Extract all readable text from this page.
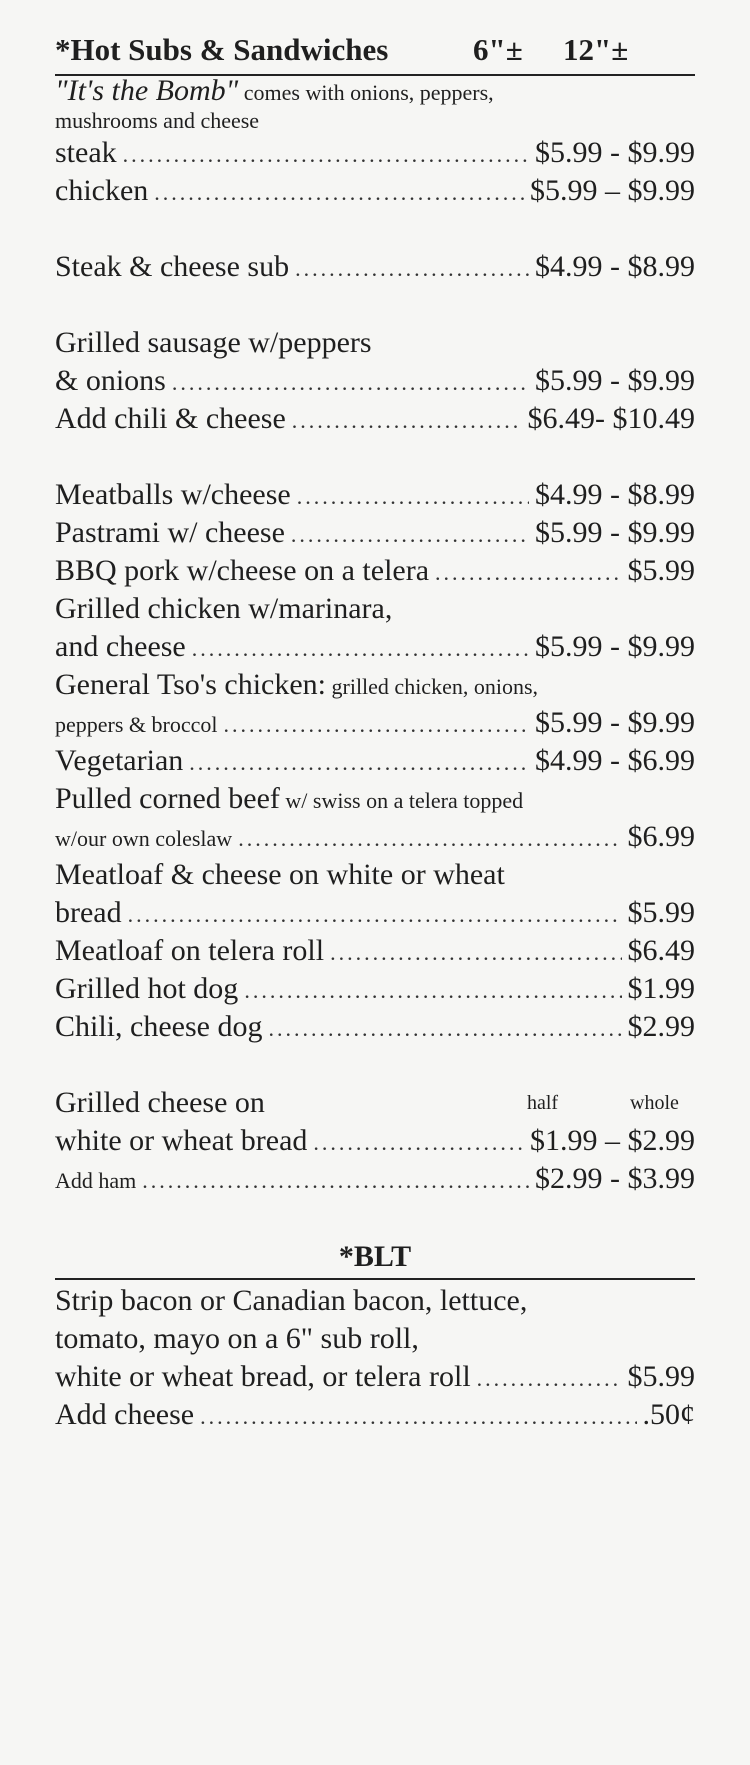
*Hot Subs & Sandwiches	6"± 12"±
"It's the Bomb" comes with onions, peppers,
mushrooms and cheese
steak .....	$5.99 - $9.99
chicken .....	$5.99 – $9.99
Steak & cheese sub .....	$4.99 - $8.99
Grilled sausage w/peppers
& onions .....	$5.99 - $9.99
Add chili & cheese .....	$6.49- $10.49
Meatballs w/cheese .....	$4.99 - $8.99
Pastrami w/ cheese .....	$5.99 - $9.99
BBQ pork w/cheese on a telera .....	$5.99
Grilled chicken w/marinara,
and cheese .....	$5.99 - $9.99
General Tso's chicken: grilled chicken, onions,
peppers & broccol .....	$5.99 - $9.99
Vegetarian .....	$4.99 - $6.99
Pulled corned beef w/ swiss on a telera topped
w/our own coleslaw .....	$6.99
Meatloaf & cheese on white or wheat
bread .....	$5.99
Meatloaf on telera roll .....	$6.49
Grilled hot dog .....	$1.99
Chili, cheese dog .....	$2.99
Grilled cheese on	half	whole
white or wheat bread .....	$1.99 – $2.99
Add ham .....	$2.99 - $3.99
*BLT
Strip bacon or Canadian bacon, lettuce,
tomato, mayo on a 6" sub roll,
white or wheat bread, or telera roll .....	$5.99
Add cheese .....	.50¢
